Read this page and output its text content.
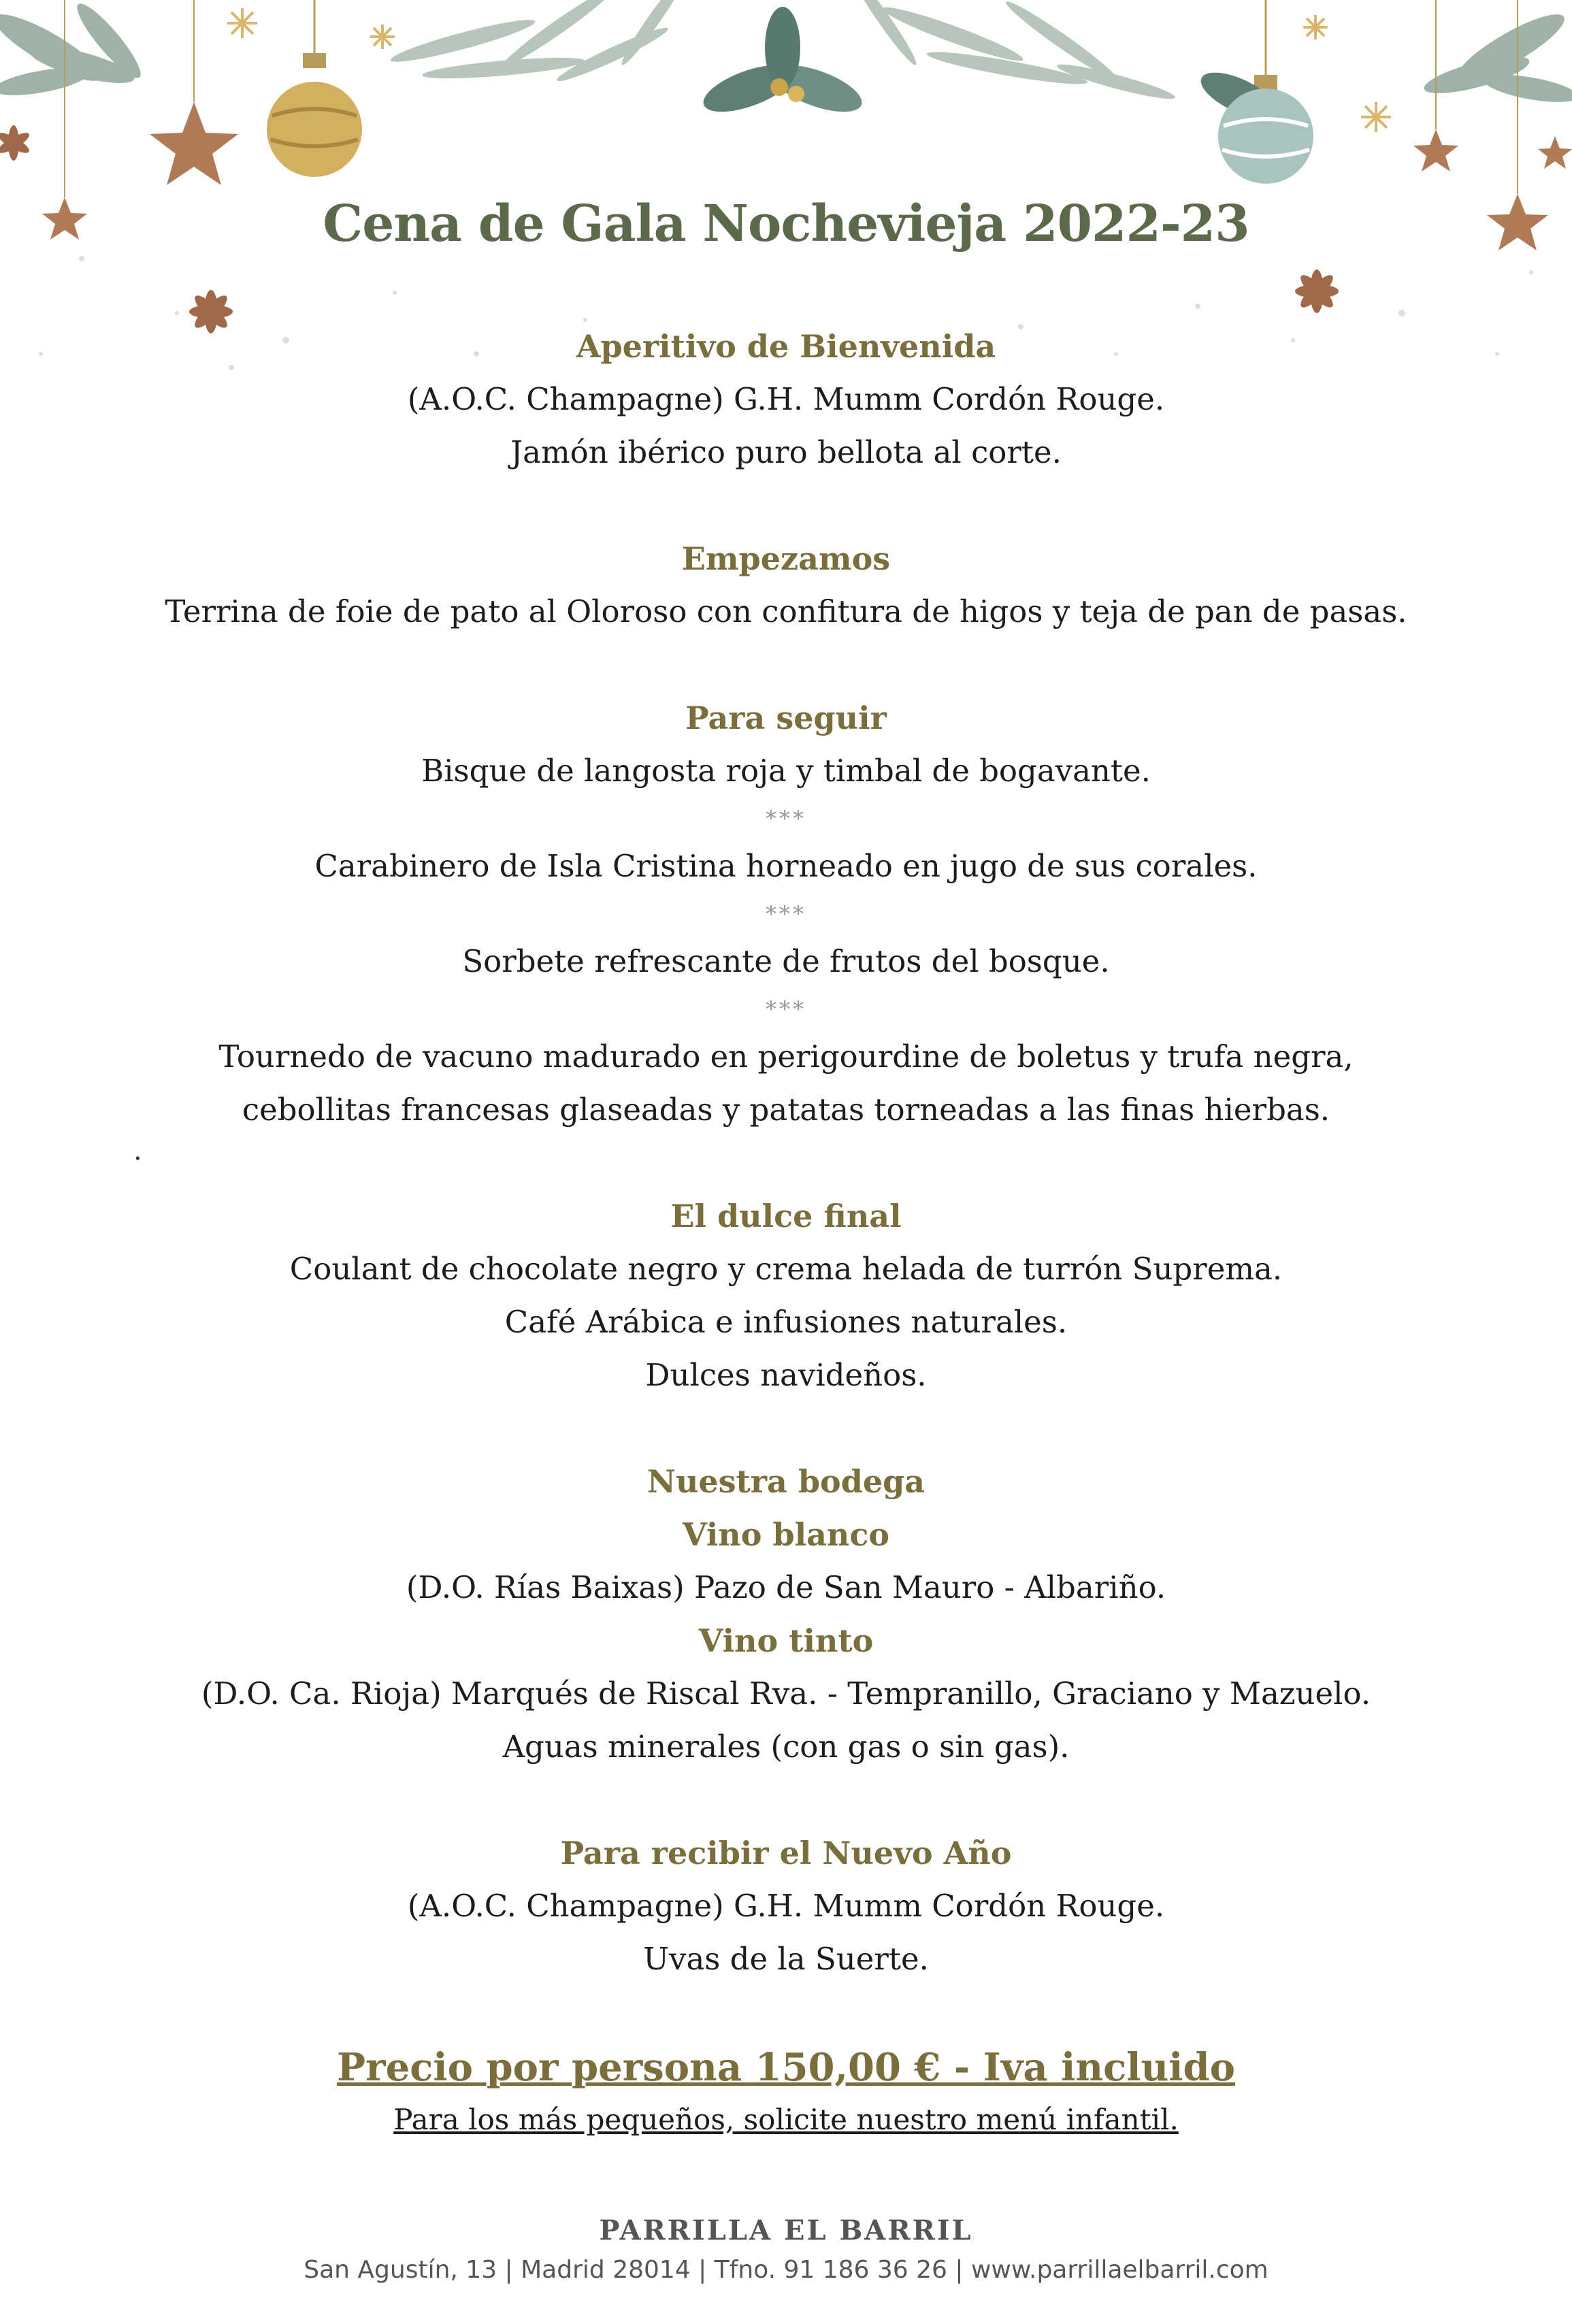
Cena de Gala Nochevieja 2022-23

Aperitivo de Bienvenida

(A.O.C. Champagne) G.H. Mumm Cordón Rouge.

Jamón ibérico puro bellota al corte.

Empezamos

Terrina de foie de pato al Oloroso con confitura de higos y teja de pan de pasas.

Para seguir

Bisque de langosta roja y timbal de bogavante.

***

Carabinero de Isla Cristina horneado en jugo de sus corales.

***

Sorbete refrescante de frutos del bosque.

***

Tournedo de vacuno madurado en perigourdine de boletus y trufa negra,

cebollitas francesas glaseadas y patatas torneadas a las finas hierbas.

El dulce final

Coulant de chocolate negro y crema helada de turrón Suprema.

Café Arábica e infusiones naturales.

Dulces navideños.

Nuestra bodega

Vino blanco

(D.O. Rías Baixas) Pazo de San Mauro - Albariño.

Vino tinto

(D.O. Ca. Rioja) Marqués de Riscal Rva. - Tempranillo, Graciano y Mazuelo.

Aguas minerales (con gas o sin gas).

Para recibir el Nuevo Año

(A.O.C. Champagne) G.H. Mumm Cordón Rouge.

Uvas de la Suerte.

Precio por persona 150,00 € - Iva incluido

Para los más pequeños, solicite nuestro menú infantil.

.
PARRILLA EL BARRIL
San Agustín, 13 | Madrid 28014 | Tfno. 91 186 36 26 | www.parrillaelbarril.com
